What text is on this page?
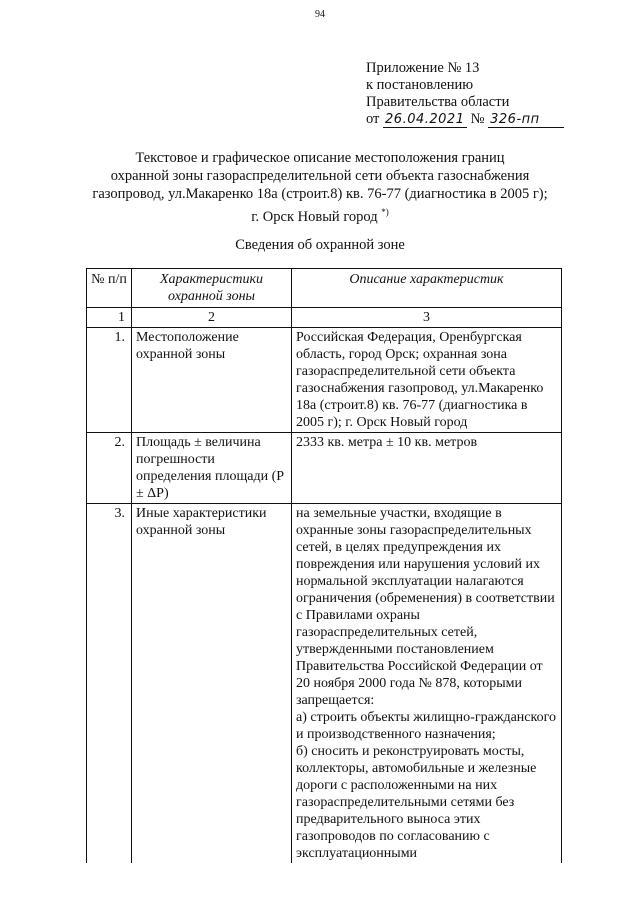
94
Приложение № 13
к постановлению
Правительства области
от 26.04.2021 № 326-пп
Текстовое и графическое описание местоположения границ
охранной зоны газораспределительной сети объекта газоснабжения
газопровод, ул.Макаренко 18а (строит.8) кв. 76-77 (диагностика в 2005 г);
г. Орск Новый город *)
Сведения об охранной зоне
№ п/п	Характеристики охранной зоны	Описание характеристик
1	2	3
1.	Местоположение охранной зоны	Российская Федерация, Оренбургская область, город Орск; охранная зона газораспределительной сети объекта газоснабжения газопровод, ул.Макаренко 18а (строит.8) кв. 76-77 (диагностика в 2005 г); г. Орск Новый город
2.	Площадь ± величина погрешности определения площади (Р ± ΔР)	2333 кв. метра ± 10 кв. метров
3.	Иные характеристики охранной зоны	на земельные участки, входящие в охранные зоны газораспределительных сетей, в целях предупреждения их повреждения или нарушения условий их нормальной эксплуатации налагаются ограничения (обременения) в соответствии с Правилами охраны газораспределительных сетей, утвержденными постановлением Правительства Российской Федерации от 20 ноября 2000 года № 878, которыми запрещается:
а) строить объекты жилищно-гражданского и производственного назначения;
б) сносить и реконструировать мосты, коллекторы, автомобильные и железные дороги с расположенными на них газораспределительными сетями без предварительного выноса этих газопроводов по согласованию с эксплуатационными
